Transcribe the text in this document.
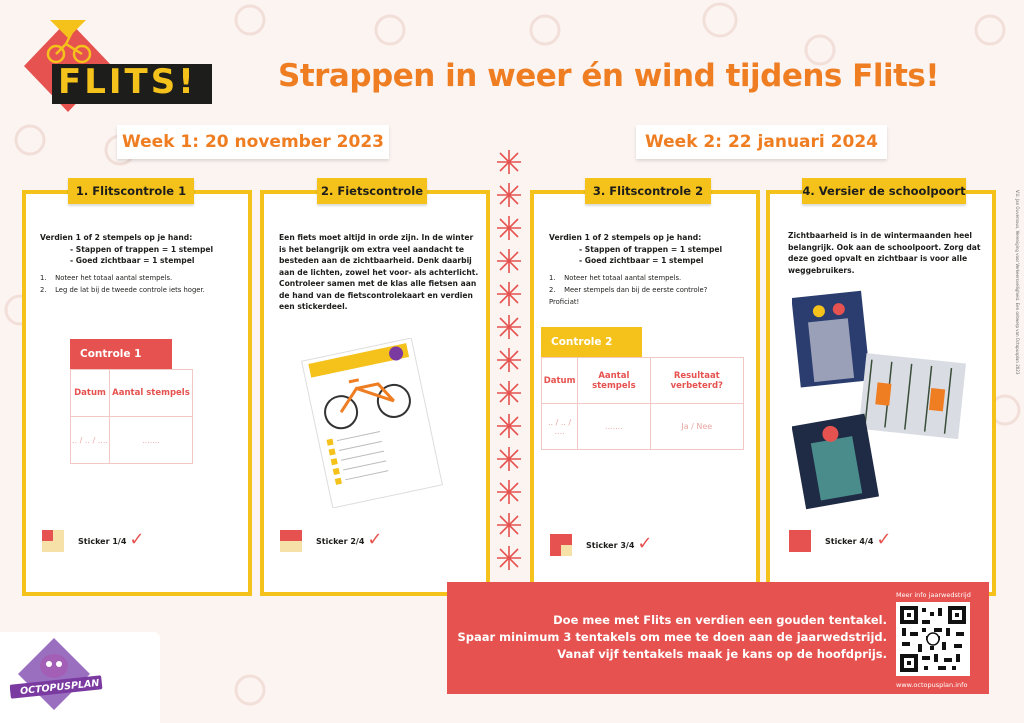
FLITS!	Strappen in weer én wind tijdens Flits!
Week 1: 20 november 2023	Week 2: 22 januari 2024
1. Flitscontrole 1
Verdien 1 of 2 stempels op je hand:
- Stappen of trappen = 1 stempel
- Goed zichtbaar = 1 stempel
1.    Noteer het totaal aantal stempels.
2.    Leg de lat bij de tweede controle iets hoger.
Controle 1
Datum	Aantal stempels
.. / .. / ....	.......
Sticker 1/4 ✓
2. Fietscontrole
Een fiets moet altijd in orde zijn. In de winter is het belangrijk om extra veel aandacht te besteden aan de zichtbaarheid. Denk daarbij aan de lichten, zowel het voor- als achterlicht. Controleer samen met de klas alle fietsen aan de hand van de fietscontrolekaart en verdien een stickerdeel.
Sticker 2/4 ✓
3. Flitscontrole 2
Verdien 1 of 2 stempels op je hand:
- Stappen of trappen = 1 stempel
- Goed zichtbaar = 1 stempel
1.    Noteer het totaal aantal stempels.
2.    Meer stempels dan bij de eerste controle?
Proficiat!
Controle 2
Datum	Aantal stempels	Resultaat verbeterd?
.. / .. / ....	.......	Ja / Nee
Sticker 3/4 ✓
4. Versier de schoolpoort
Zichtbaarheid is in de wintermaanden heel belangrijk. Ook aan de schoolpoort. Zorg dat deze goed opvalt en zichtbaar is voor alle weggebruikers.
Sticker 4/4 ✓
Doe mee met Flits en verdien een gouden tentakel.
Spaar minimum 3 tentakels om mee te doen aan de jaarwedstrijd.
Vanaf vijf tentakels maak je kans op de hoofdprijs.
Meer info jaarwedstrijd
www.octopusplan.info
OCTOPUSPLAN
V.U. Jan Ouvernous, Vereniging voor Verkeersveiligheid. Een ontwerp van Octopusplan 2023
